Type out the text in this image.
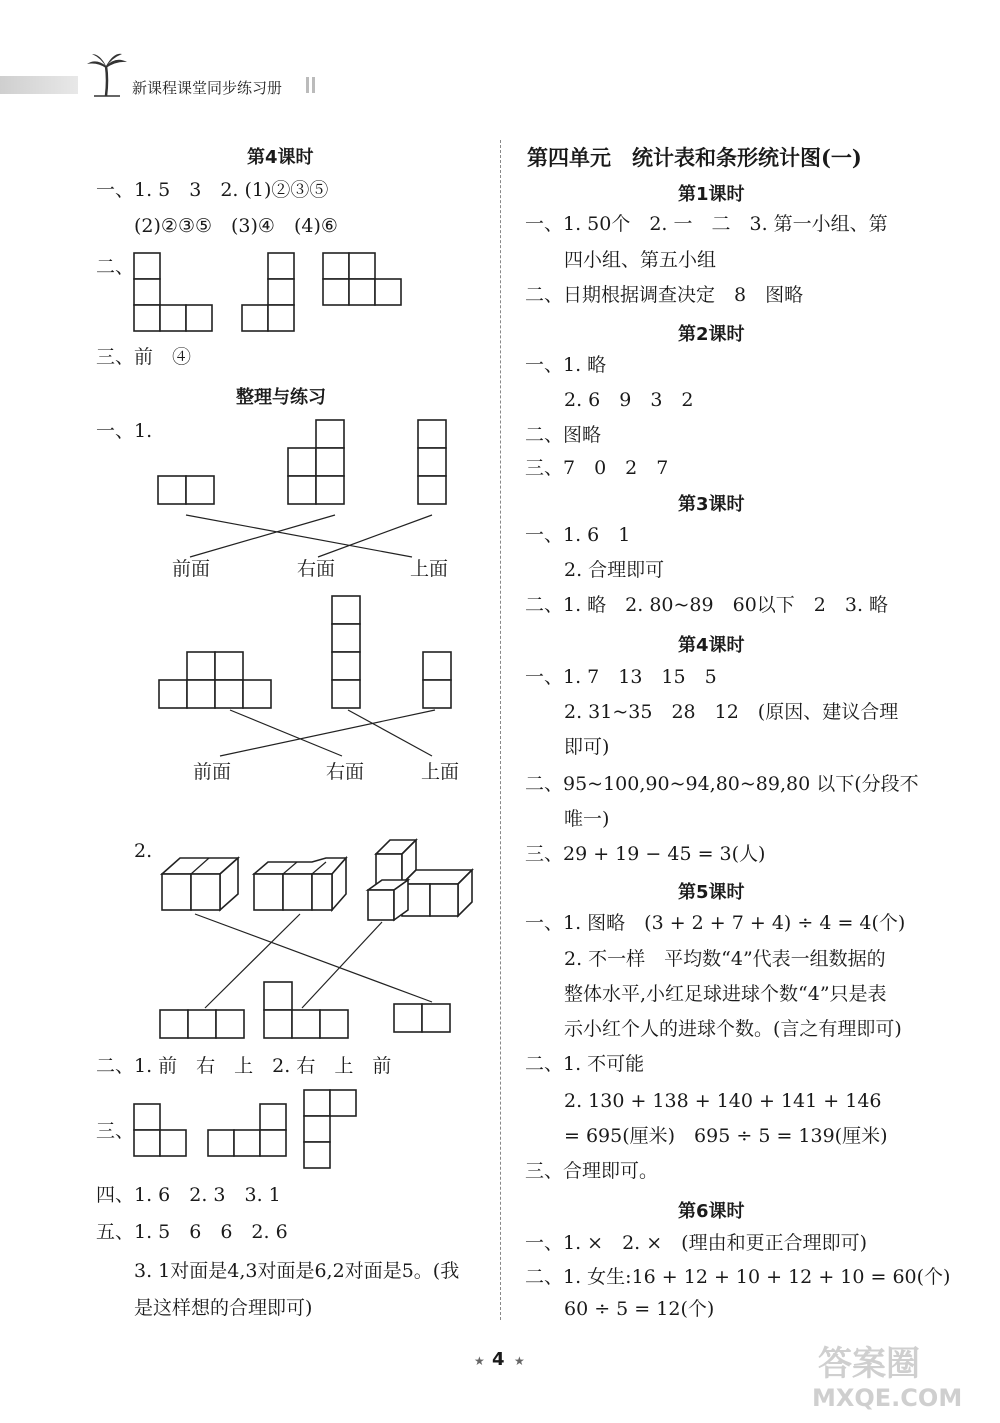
新课程课堂同步练习册
第4课时
一、1. 5　3　2. (1)②③⑤
(2)②③⑤　(3)④　(4)⑥
二、
三、前　④
整理与练习
一、1.
前面	右面	上面
前面	右面	上面
2.
二、1. 前　右　上　2. 右　上　前
三、
四、1. 6　2. 3　3. 1
五、1. 5　6　6　2. 6
3. 1对面是4,3对面是6,2对面是5。(我
是这样想的合理即可)
第四单元　统计表和条形统计图(一)
第1课时
一、1. 50个　2. 一　二　3. 第一小组、第
四小组、第五小组
二、日期根据调查决定　8　图略
第2课时
一、1. 略
2. 6　9　3　2
二、图略
三、7　0　2　7
第3课时
一、1. 6　1
2. 合理即可
二、1. 略　2. 80~89　60以下　2　3. 略
第4课时
一、1. 7　13　15　5
2. 31~35　28　12　(原因、建议合理
即可)
二、95~100,90~94,80~89,80 以下(分段不
唯一)
三、29 + 19 − 45 = 3(人)
第5课时
一、1. 图略　(3 + 2 + 7 + 4) ÷ 4 = 4(个)
2. 不一样　平均数“4”代表一组数据的
整体水平,小红足球进球个数“4”只是表
示小红个人的进球个数。(言之有理即可)
二、1. 不可能
2. 130 + 138 + 140 + 141 + 146
= 695(厘米)　695 ÷ 5 = 139(厘米)
三、合理即可。
第6课时
一、1. ×　2. ×　(理由和更正合理即可)
二、1. 女生:16 + 12 + 10 + 12 + 10 = 60(个)
60 ÷ 5 = 12(个)
★ 4 ★	答案圈
MXQE.COM
